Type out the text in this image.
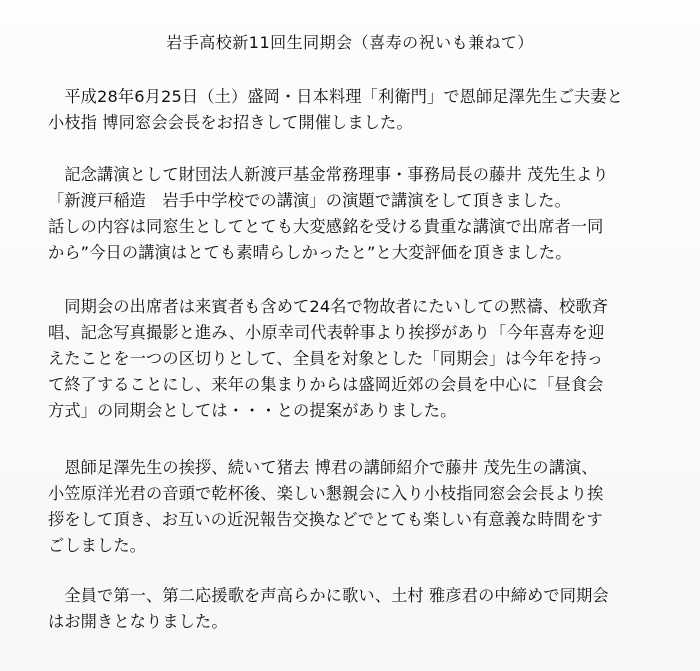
岩手高校新11回生同期会（喜寿の祝いも兼ねて）
　平成28年6月25日（土）盛岡・日本料理「利衛門」で恩師足澤先生ご夫妻と
小枝指 博同窓会会長をお招きして開催しました。
　記念講演として財団法人新渡戸基金常務理事・事務局長の藤井 茂先生より
「新渡戸稲造　岩手中学校での講演」の演題で講演をして頂きました。
話しの内容は同窓生としてとても大変感銘を受ける貴重な講演で出席者一同
から”今日の講演はとても素晴らしかったと”と大変評価を頂きました。
　同期会の出席者は来賓者も含めて24名で物故者にたいしての黙禱、校歌斉
唱、記念写真撮影と進み、小原幸司代表幹事より挨拶があり「今年喜寿を迎
えたことを一つの区切りとして、全員を対象とした「同期会」は今年を持っ
て終了することにし、来年の集まりからは盛岡近郊の会員を中心に「昼食会
方式」の同期会としては・・・との提案がありました。
　恩師足澤先生の挨拶、続いて猪去 博君の講師紹介で藤井 茂先生の講演、
小笠原洋光君の音頭で乾杯後、楽しい懇親会に入り小枝指同窓会会長より挨
拶をして頂き、お互いの近況報告交換などでとても楽しい有意義な時間をす
ごしました。
　全員で第一、第二応援歌を声高らかに歌い、土村 雅彦君の中締めで同期会
はお開きとなりました。
